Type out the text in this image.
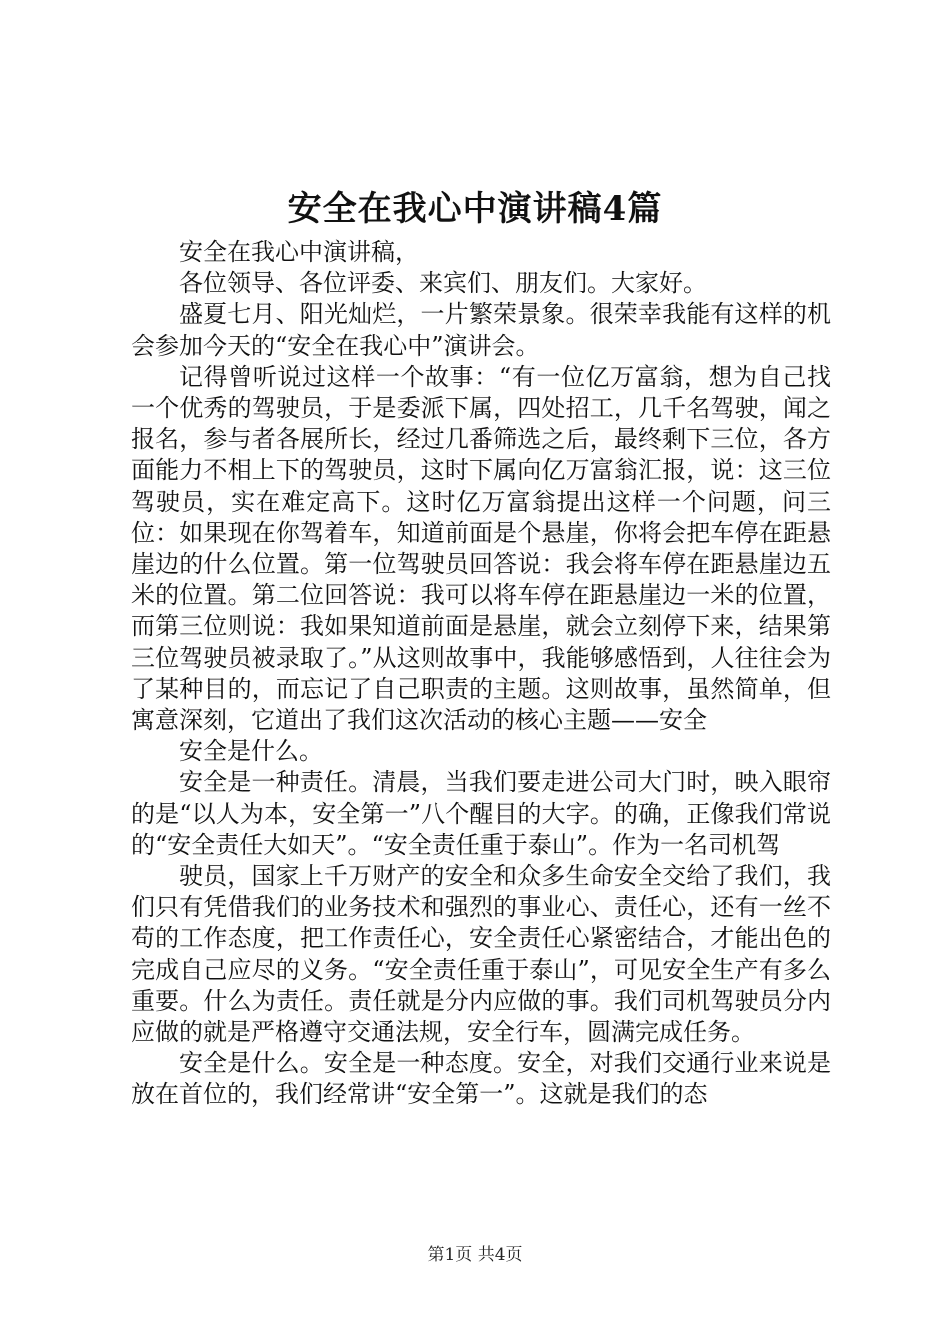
安全在我心中演讲稿4篇

安全在我心中演讲稿，

各位领导、各位评委、来宾们、朋友们。大家好。

盛夏七月、阳光灿烂，一片繁荣景象。很荣幸我能有这样的机会参加今天的“安全在我心中”演讲会。

记得曾听说过这样一个故事：“有一位亿万富翁，想为自己找一个优秀的驾驶员，于是委派下属，四处招工，几千名驾驶，闻之报名，参与者各展所长，经过几番筛选之后，最终剩下三位，各方面能力不相上下的驾驶员，这时下属向亿万富翁汇报，说：这三位驾驶员，实在难定高下。这时亿万富翁提出这样一个问题，问三位：如果现在你驾着车，知道前面是个悬崖，你将会把车停在距悬崖边的什么位置。第一位驾驶员回答说：我会将车停在距悬崖边五米的位置。第二位回答说：我可以将车停在距悬崖边一米的位置，而第三位则说：我如果知道前面是悬崖，就会立刻停下来，结果第三位驾驶员被录取了。”从这则故事中，我能够感悟到，人往往会为了某种目的，而忘记了自己职责的主题。这则故事，虽然简单，但寓意深刻，它道出了我们这次活动的核心主题——安全

安全是什么。

安全是一种责任。清晨，当我们要走进公司大门时，映入眼帘的是“以人为本，安全第一”八个醒目的大字。的确，正像我们常说的“安全责任大如天”。“安全责任重于泰山”。作为一名司机驾

驶员，国家上千万财产的安全和众多生命安全交给了我们，我们只有凭借我们的业务技术和强烈的事业心、责任心，还有一丝不苟的工作态度，把工作责任心，安全责任心紧密结合，才能出色的完成自己应尽的义务。“安全责任重于泰山”，可见安全生产有多么重要。什么为责任。责任就是分内应做的事。我们司机驾驶员分内应做的就是严格遵守交通法规，安全行车，圆满完成任务。

安全是什么。安全是一种态度。安全，对我们交通行业来说是放在首位的，我们经常讲“安全第一”。这就是我们的态

第1页 共4页
